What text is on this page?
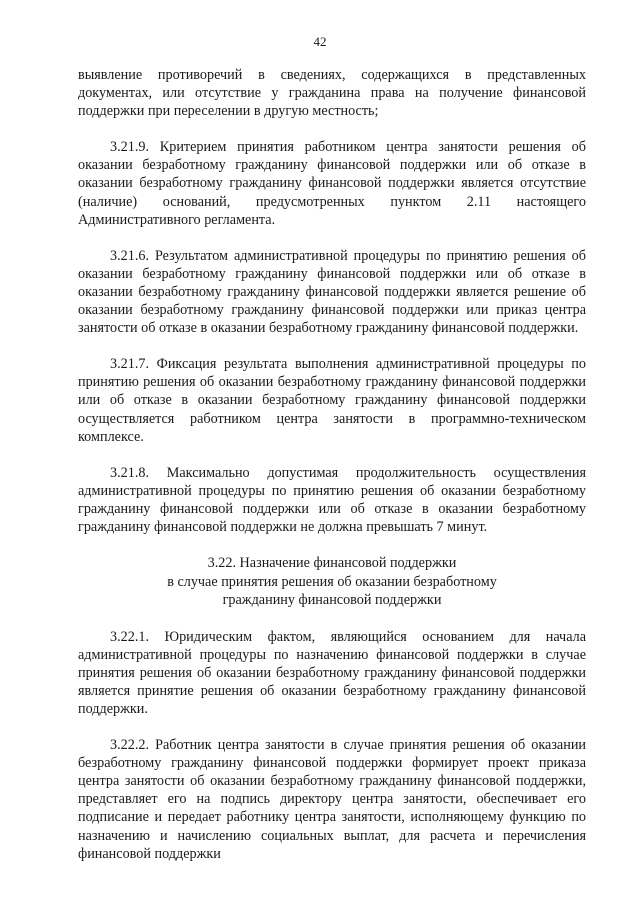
42

выявление противоречий в сведениях, содержащихся в представленных документах, или отсутствие у гражданина права на получение финансовой поддержки при переселении в другую местность;

3.21.9. Критерием принятия работником центра занятости решения об оказании безработному гражданину финансовой поддержки или об отказе в оказании безработному гражданину финансовой поддержки является отсутствие (наличие) оснований, предусмотренных пунктом 2.11 настоящего Административного регламента.

3.21.6. Результатом административной процедуры по принятию решения об оказании безработному гражданину финансовой поддержки или об отказе в оказании безработному гражданину финансовой поддержки является решение об оказании безработному гражданину финансовой поддержки или приказ центра занятости об отказе в оказании безработному гражданину финансовой поддержки.

3.21.7. Фиксация результата выполнения административной процедуры по принятию решения об оказании безработному гражданину финансовой поддержки или об отказе в оказании безработному гражданину финансовой поддержки осуществляется работником центра занятости в программно-техническом комплексе.

3.21.8. Максимально допустимая продолжительность осуществления административной процедуры по принятию решения об оказании безработному гражданину финансовой поддержки или об отказе в оказании безработному гражданину финансовой поддержки не должна превышать 7 минут.

3.22. Назначение финансовой поддержки

в случае принятия решения об оказании безработному

гражданину финансовой поддержки

3.22.1. Юридическим фактом, являющийся основанием для начала административной процедуры по назначению финансовой поддержки в случае принятия решения об оказании безработному гражданину финансовой поддержки является принятие решения об оказании безработному гражданину финансовой поддержки.

3.22.2. Работник центра занятости в случае принятия решения об оказании безработному гражданину финансовой поддержки формирует проект приказа центра занятости об оказании безработному гражданину финансовой поддержки, представляет его на подпись директору центра занятости, обеспечивает его подписание и передает работнику центра занятости, исполняющему функцию по назначению и начислению социальных выплат, для расчета и перечисления финансовой поддержки
